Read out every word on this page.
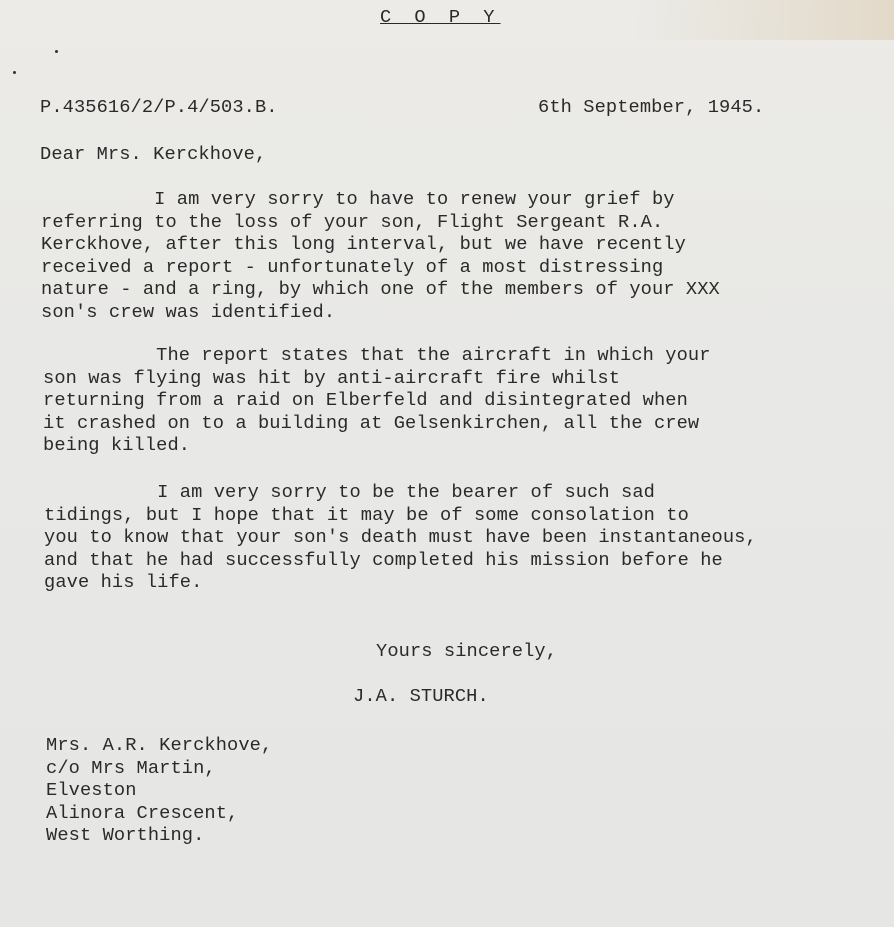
C O P Y
P.435616/2/P.4/503.B.	6th September, 1945.
Dear Mrs. Kerckhove,
I am very sorry to have to renew your grief by
referring to the loss of your son, Flight Sergeant R.A.
Kerckhove, after this long interval, but we have recently
received a report - unfortunately of a most distressing
nature - and a ring, by which one of the members of your XXX
son's crew was identified.
The report states that the aircraft in which your
son was flying was hit by anti-aircraft fire whilst
returning from a raid on Elberfeld and disintegrated when
it crashed on to a building at Gelsenkirchen, all the crew
being killed.
I am very sorry to be the bearer of such sad
tidings, but I hope that it may be of some consolation to
you to know that your son's death must have been instantaneous,
and that he had successfully completed his mission before he
gave his life.
Yours sincerely,
J.A. STURCH.
Mrs. A.R. Kerckhove,
c/o Mrs Martin,
Elveston
Alinora Crescent,
West Worthing.
